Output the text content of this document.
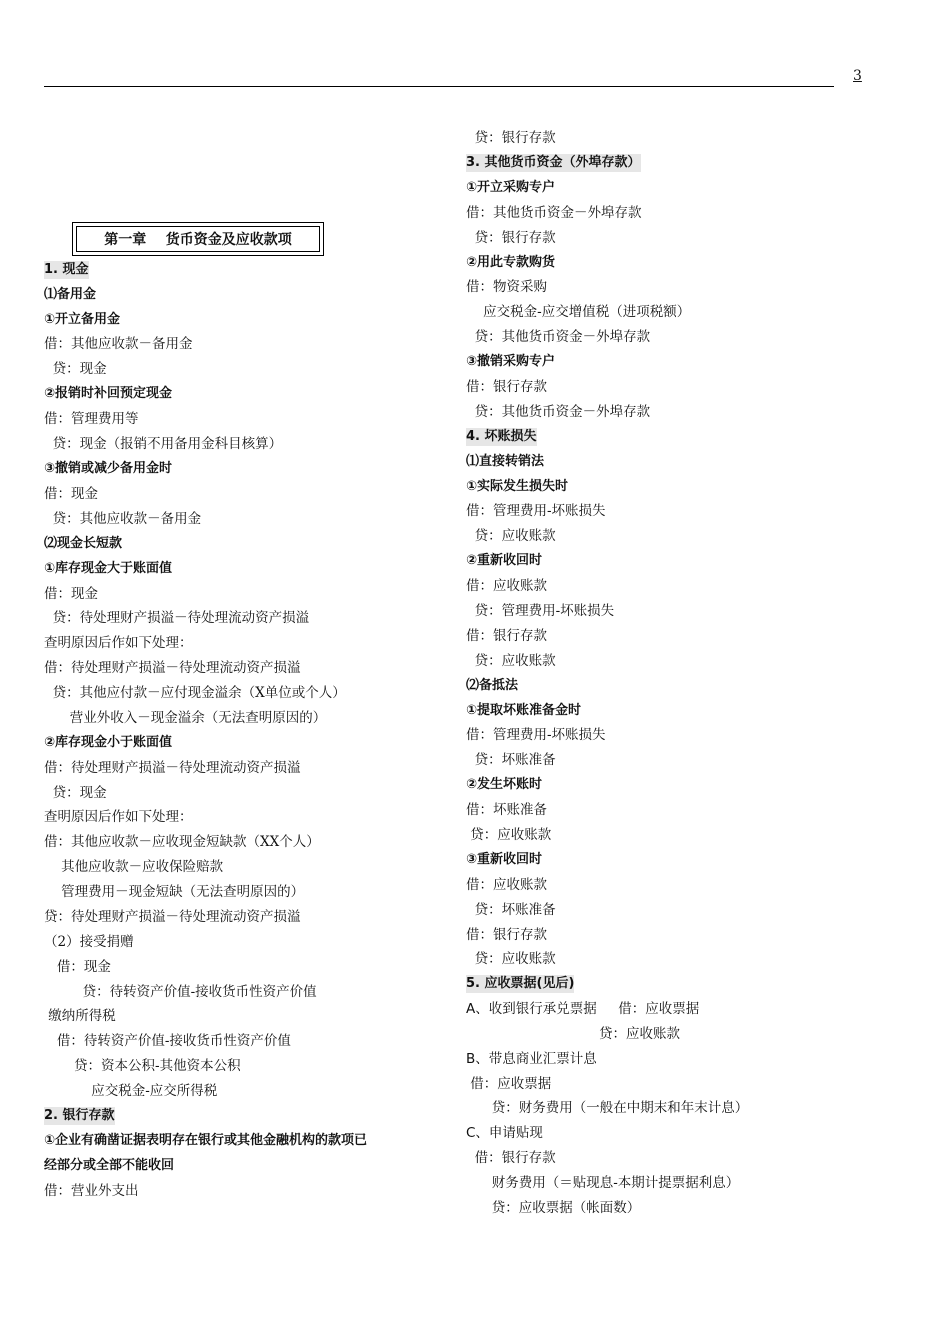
3
第一章    货币资金及应收款项
1. 现金
⑴备用金
①开立备用金
借：其他应收款－备用金
贷：现金
②报销时补回预定现金
借：管理费用等
贷：现金（报销不用备用金科目核算）
③撤销或减少备用金时
借：现金
贷：其他应收款－备用金
⑵现金长短款
①库存现金大于账面值
借：现金
贷：待处理财产损溢－待处理流动资产损溢
查明原因后作如下处理：
借：待处理财产损溢－待处理流动资产损溢
贷：其他应付款－应付现金溢余（X单位或个人）
营业外收入－现金溢余（无法查明原因的）
②库存现金小于账面值
借：待处理财产损溢－待处理流动资产损溢
贷：现金
查明原因后作如下处理：
借：其他应收款－应收现金短缺款（XX个人）
其他应收款－应收保险赔款
管理费用－现金短缺（无法查明原因的）
贷：待处理财产损溢－待处理流动资产损溢
（2）接受捐赠
借：现金
贷：待转资产价值-接收货币性资产价值
缴纳所得税
借：待转资产价值-接收货币性资产价值
贷：资本公积-其他资本公积
应交税金-应交所得税
2. 银行存款
①企业有确凿证据表明存在银行或其他金融机构的款项已
经部分或全部不能收回
借：营业外支出
贷：银行存款
3. 其他货币资金（外埠存款）
①开立采购专户
借：其他货币资金－外埠存款
贷：银行存款
②用此专款购货
借：物资采购
应交税金-应交增值税（进项税额）
贷：其他货币资金－外埠存款
③撤销采购专户
借：银行存款
贷：其他货币资金－外埠存款
4. 坏账损失
⑴直接转销法
①实际发生损失时
借：管理费用-坏账损失
贷：应收账款
②重新收回时
借：应收账款
贷：管理费用-坏账损失
借：银行存款
贷：应收账款
⑵备抵法
①提取坏账准备金时
借：管理费用-坏账损失
贷：坏账准备
②发生坏账时
借：坏账准备
贷：应收账款
③重新收回时
借：应收账款
贷：坏账准备
借：银行存款
贷：应收账款
5. 应收票据(见后)
A、收到银行承兑票据     借：应收票据
贷：应收账款
B、带息商业汇票计息
借：应收票据
贷：财务费用（一般在中期末和年末计息）
C、申请贴现
借：银行存款
财务费用（＝贴现息-本期计提票据利息）
贷：应收票据（帐面数）
